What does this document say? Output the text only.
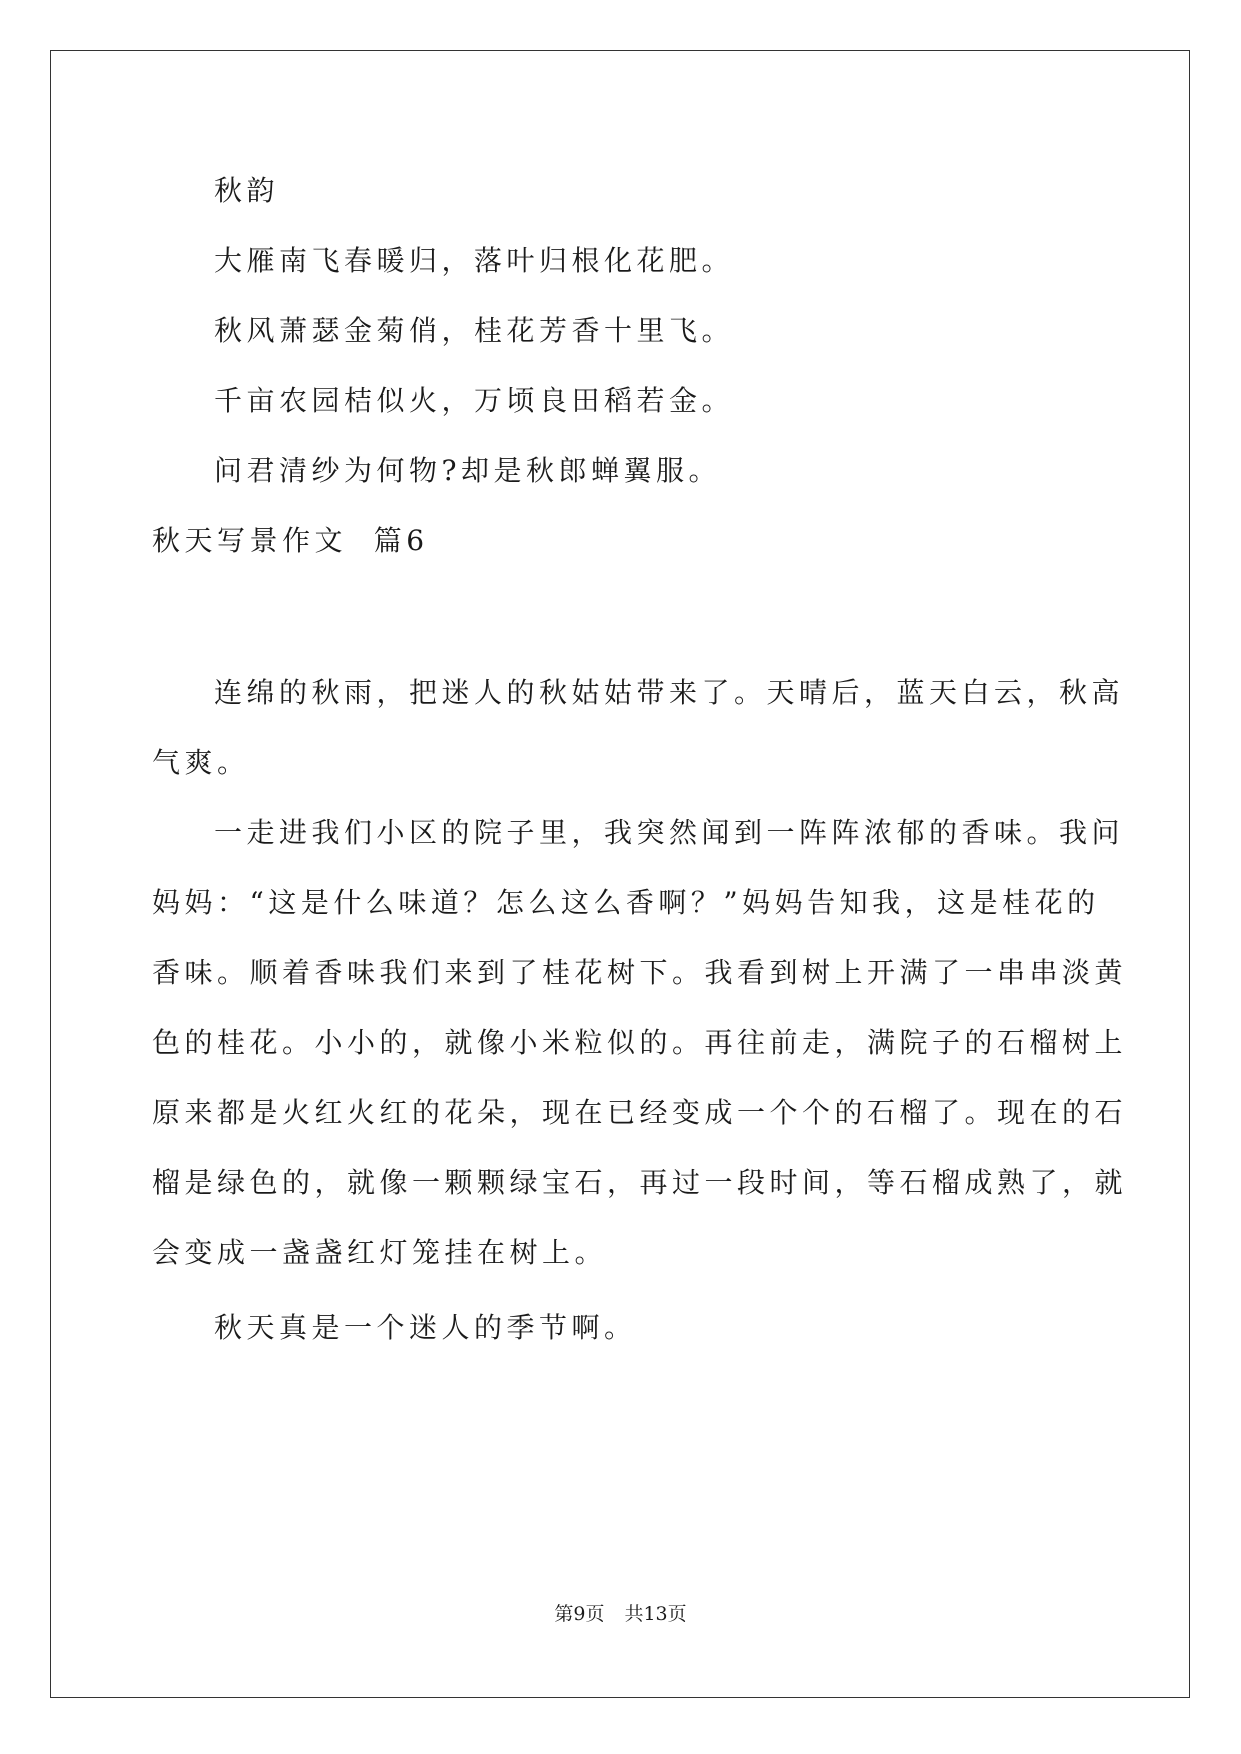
秋韵
大雁南飞春暖归，落叶归根化花肥。
秋风萧瑟金菊俏，桂花芳香十里飞。
千亩农园桔似火，万顷良田稻若金。
问君清纱为何物?却是秋郎蝉翼服。
秋天写景作文  篇6
连绵的秋雨，把迷人的秋姑姑带来了。天晴后，蓝天白云，秋高
气爽。
一走进我们小区的院子里，我突然闻到一阵阵浓郁的香味。我问
妈妈：“这是什么味道？怎么这么香啊？”妈妈告知我，这是桂花的
香味。顺着香味我们来到了桂花树下。我看到树上开满了一串串淡黄
色的桂花。小小的，就像小米粒似的。再往前走，满院子的石榴树上
原来都是火红火红的花朵，现在已经变成一个个的石榴了。现在的石
榴是绿色的，就像一颗颗绿宝石，再过一段时间，等石榴成熟了，就
会变成一盏盏红灯笼挂在树上。
秋天真是一个迷人的季节啊。
第9页 共13页
